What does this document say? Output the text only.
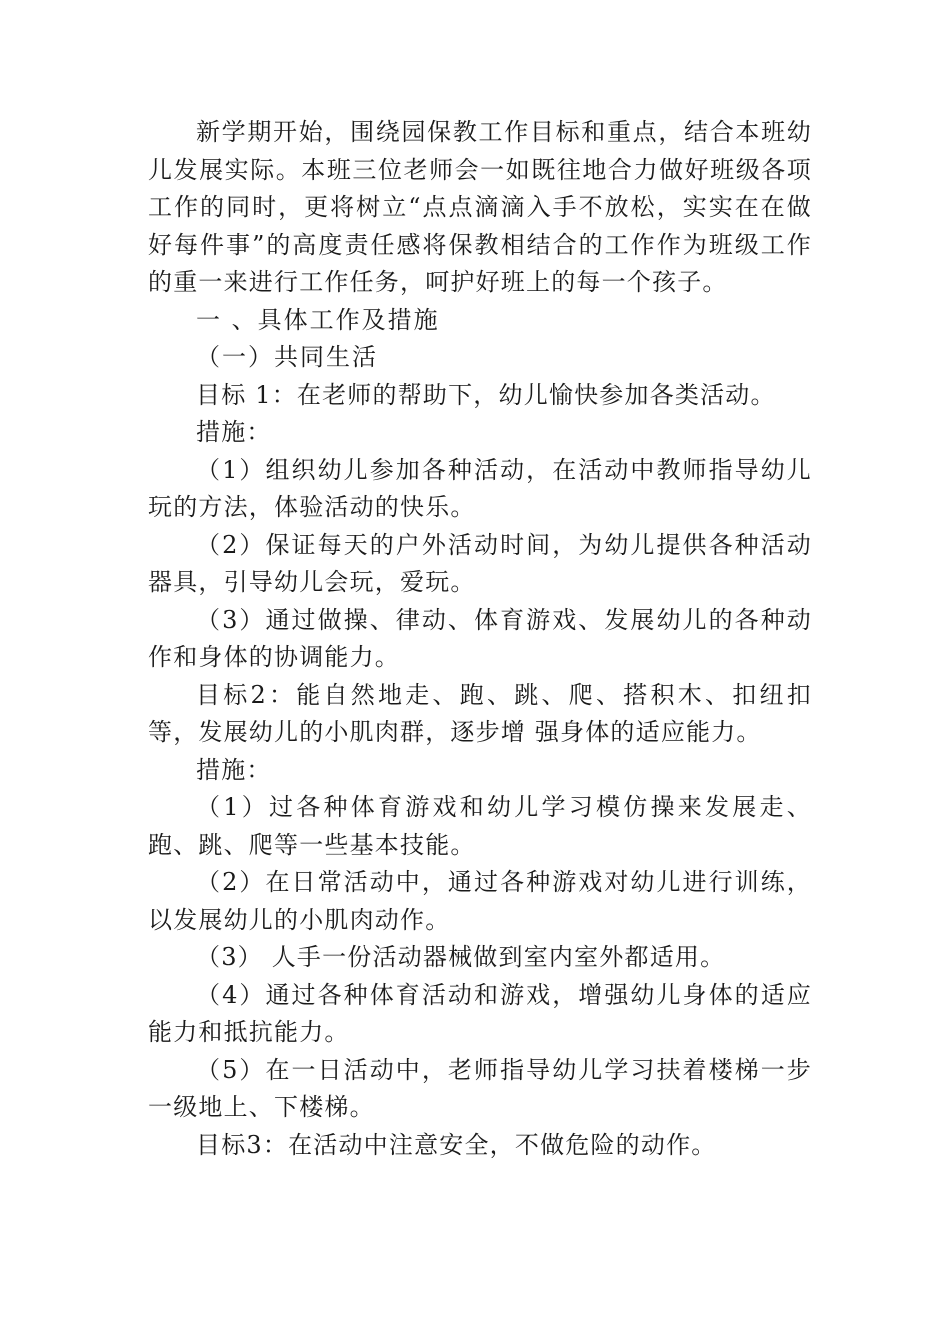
新学期开始，围绕园保教工作目标和重点，结合本班幼儿发展实际。本班三位老师会一如既往地合力做好班级各项工作的同时，更将树立“点点滴滴入手不放松，实实在在做好每件事”的高度责任感将保教相结合的工作作为班级工作的重一来进行工作任务，呵护好班上的每一个孩子。

一 、具体工作及措施

（一）共同生活

目标 1：在老师的帮助下，幼儿愉快参加各类活动。

措施：

（1）组织幼儿参加各种活动，在活动中教师指导幼儿玩的方法，体验活动的快乐。

（2）保证每天的户外活动时间，为幼儿提供各种活动器具，引导幼儿会玩，爱玩。

（3）通过做操、律动、体育游戏、发展幼儿的各种动作和身体的协调能力。

目标2：能自然地走、跑、跳、爬、搭积木、扣纽扣等，发展幼儿的小肌肉群，逐步增 强身体的适应能力。

措施：

（1）过各种体育游戏和幼儿学习模仿操来发展走、跑、跳、爬等一些基本技能。

（2）在日常活动中，通过各种游戏对幼儿进行训练，以发展幼儿的小肌肉动作。

（3） 人手一份活动器械做到室内室外都适用。

（4）通过各种体育活动和游戏，增强幼儿身体的适应能力和抵抗能力。

（5）在一日活动中，老师指导幼儿学习扶着楼梯一步一级地上、下楼梯。

目标3：在活动中注意安全，不做危险的动作。
